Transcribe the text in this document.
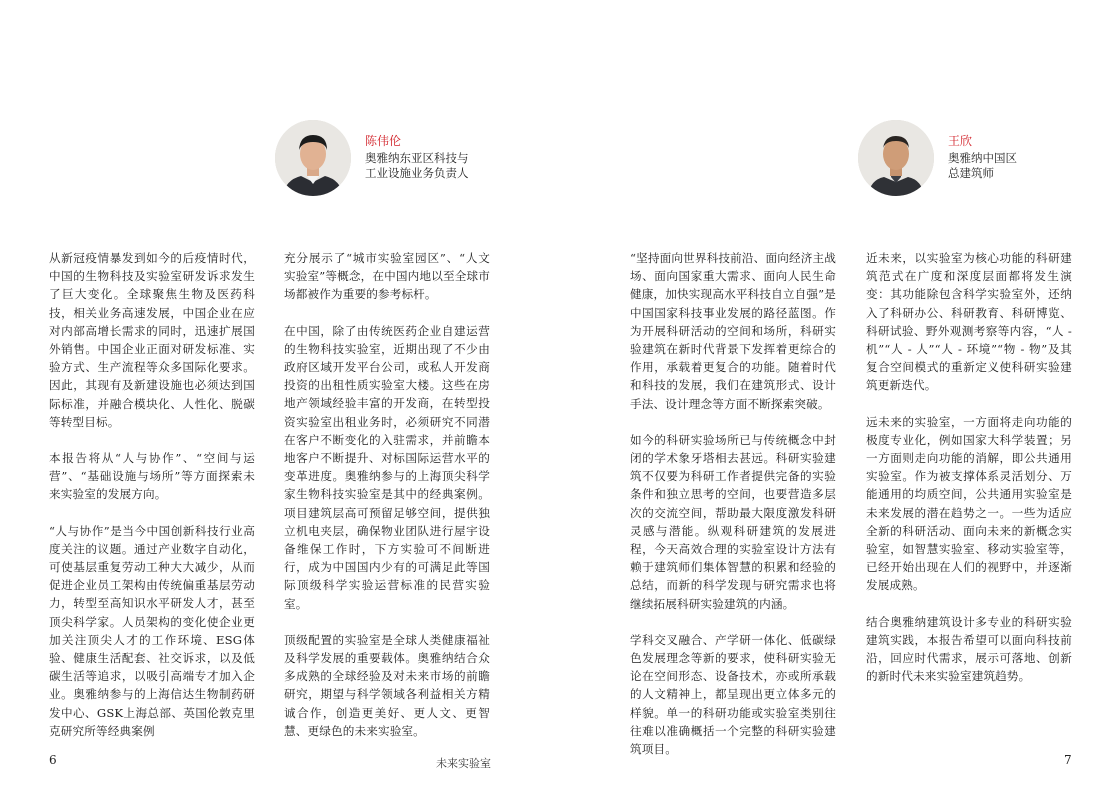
陈伟伦
奥雅纳东亚区科技与
工业设施业务负责人
王欣
奥雅纳中国区
总建筑师

从新冠疫情暴发到如今的后疫情时代，中国的生物科技及实验室研发诉求发生了巨大变化。全球聚焦生物及医药科技，相关业务高速发展，中国企业在应对内部高增长需求的同时，迅速扩展国外销售。中国企业正面对研发标准、实验方式、生产流程等众多国际化要求。因此，其现有及新建设施也必须达到国际标准，并融合模块化、人性化、脱碳等转型目标。

本报告将从“人与协作”、“空间与运营”、“基础设施与场所”等方面探索未来实验室的发展方向。

“人与协作”是当今中国创新科技行业高度关注的议题。通过产业数字自动化，可使基层重复劳动工种大大减少，从而促进企业员工架构由传统偏重基层劳动力，转型至高知识水平研发人才，甚至顶尖科学家。人员架构的变化使企业更加关注顶尖人才的工作环境、ESG体验、健康生活配套、社交诉求，以及低碳生活等追求，以吸引高端专才加入企业。奥雅纳参与的上海信达生物制药研发中心、GSK上海总部、英国伦敦克里克研究所等经典案例

充分展示了“城市实验室园区”、“人文实验室”等概念，在中国内地以至全球市场都被作为重要的参考标杆。

在中国，除了由传统医药企业自建运营的生物科技实验室，近期出现了不少由政府区域开发平台公司，或私人开发商投资的出租性质实验室大楼。这些在房地产领域经验丰富的开发商，在转型投资实验室出租业务时，必须研究不同潜在客户不断变化的入驻需求，并前瞻本地客户不断提升、对标国际运营水平的变革进度。奥雅纳参与的上海顶尖科学家生物科技实验室是其中的经典案例。项目建筑层高可预留足够空间，提供独立机电夹层，确保物业团队进行屋宇设备维保工作时，下方实验可不间断进行，成为中国国内少有的可满足此等国际顶级科学实验运营标准的民营实验室。

顶级配置的实验室是全球人类健康福祉及科学发展的重要载体。奥雅纳结合众多成熟的全球经验及对未来市场的前瞻研究，期望与科学领域各利益相关方精诚合作，创造更美好、更人文、更智慧、更绿色的未来实验室。

“坚持面向世界科技前沿、面向经济主战场、面向国家重大需求、面向人民生命健康，加快实现高水平科技自立自强”是中国国家科技事业发展的路径蓝图。作为开展科研活动的空间和场所，科研实验建筑在新时代背景下发挥着更综合的作用，承载着更复合的功能。随着时代和科技的发展，我们在建筑形式、设计手法、设计理念等方面不断探索突破。

如今的科研实验场所已与传统概念中封闭的学术象牙塔相去甚远。科研实验建筑不仅要为科研工作者提供完备的实验条件和独立思考的空间，也要营造多层次的交流空间，帮助最大限度激发科研灵感与潜能。纵观科研建筑的发展进程，今天高效合理的实验室设计方法有赖于建筑师们集体智慧的积累和经验的总结，而新的科学发现与研究需求也将继续拓展科研实验建筑的内涵。

学科交叉融合、产学研一体化、低碳绿色发展理念等新的要求，使科研实验无论在空间形态、设备技术，亦或所承载的人文精神上，都呈现出更立体多元的样貌。单一的科研功能或实验室类别往往难以准确概括一个完整的科研实验建筑项目。

近未来，以实验室为核心功能的科研建筑范式在广度和深度层面都将发生演变：其功能除包含科学实验室外，还纳入了科研办公、科研教育、科研博览、科研试验、野外观测考察等内容，“人 - 机”“人 - 人”“人 - 环境”“物 - 物”及其复合空间模式的重新定义使科研实验建筑更新迭代。

远未来的实验室，一方面将走向功能的极度专业化，例如国家大科学装置；另一方面则走向功能的消解，即公共通用实验室。作为被支撑体系灵活划分、万能通用的均质空间，公共通用实验室是未来发展的潜在趋势之一。一些为适应全新的科研活动、面向未来的新概念实验室，如智慧实验室、移动实验室等，已经开始出现在人们的视野中，并逐渐发展成熟。

结合奥雅纳建筑设计多专业的科研实验建筑实践，本报告希望可以面向科技前沿，回应时代需求，展示可落地、创新的新时代未来实验室建筑趋势。

6	未来实验室	7
